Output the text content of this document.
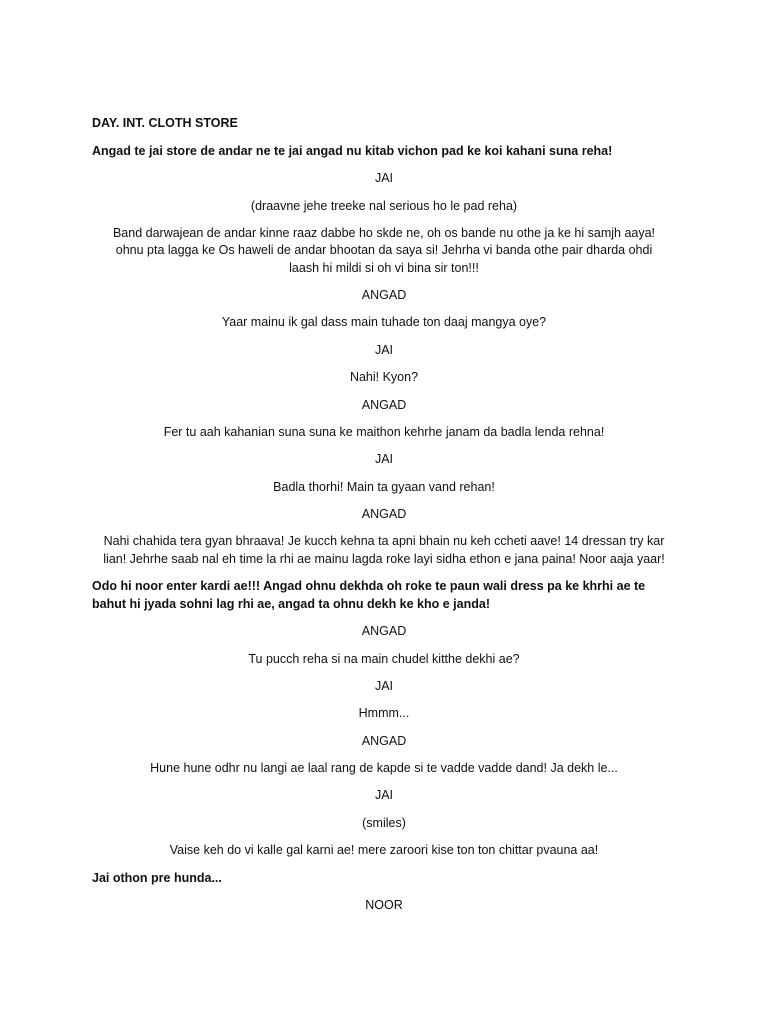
DAY. INT. CLOTH STORE
Angad te jai store de andar ne te jai angad nu kitab vichon pad ke koi kahani suna reha!
JAI
(draavne jehe treeke nal serious ho le pad reha)
Band darwajean de andar kinne raaz dabbe ho skde ne, oh os bande nu othe ja ke hi samjh aaya!
ohnu pta lagga ke Os haweli de andar bhootan da saya si! Jehrha vi banda othe pair dharda ohdi
laash hi mildi si oh vi bina sir ton!!!
ANGAD
Yaar mainu ik gal dass main tuhade ton daaj mangya oye?
JAI
Nahi! Kyon?
ANGAD
Fer tu aah kahanian suna suna ke maithon kehrhe janam da badla lenda rehna!
JAI
Badla thorhi! Main ta gyaan vand rehan!
ANGAD
Nahi chahida tera gyan bhraava! Je kucch kehna ta apni bhain nu keh ccheti aave! 14 dressan try kar
lian! Jehrhe saab nal eh time la rhi ae mainu lagda roke layi sidha ethon e jana paina! Noor aaja yaar!
Odo hi noor enter kardi ae!!! Angad ohnu dekhda oh roke te paun wali dress pa ke khrhi ae te
bahut hi jyada sohni lag rhi ae, angad ta ohnu dekh ke kho e janda!
ANGAD
Tu pucch reha si na main chudel kitthe dekhi ae?
JAI
Hmmm...
ANGAD
Hune hune odhr nu langi ae laal rang de kapde si te vadde vadde dand! Ja dekh le...
JAI
(smiles)
Vaise keh do vi kalle gal karni ae! mere zaroori kise ton ton chittar pvauna aa!
Jai othon pre hunda...
NOOR
